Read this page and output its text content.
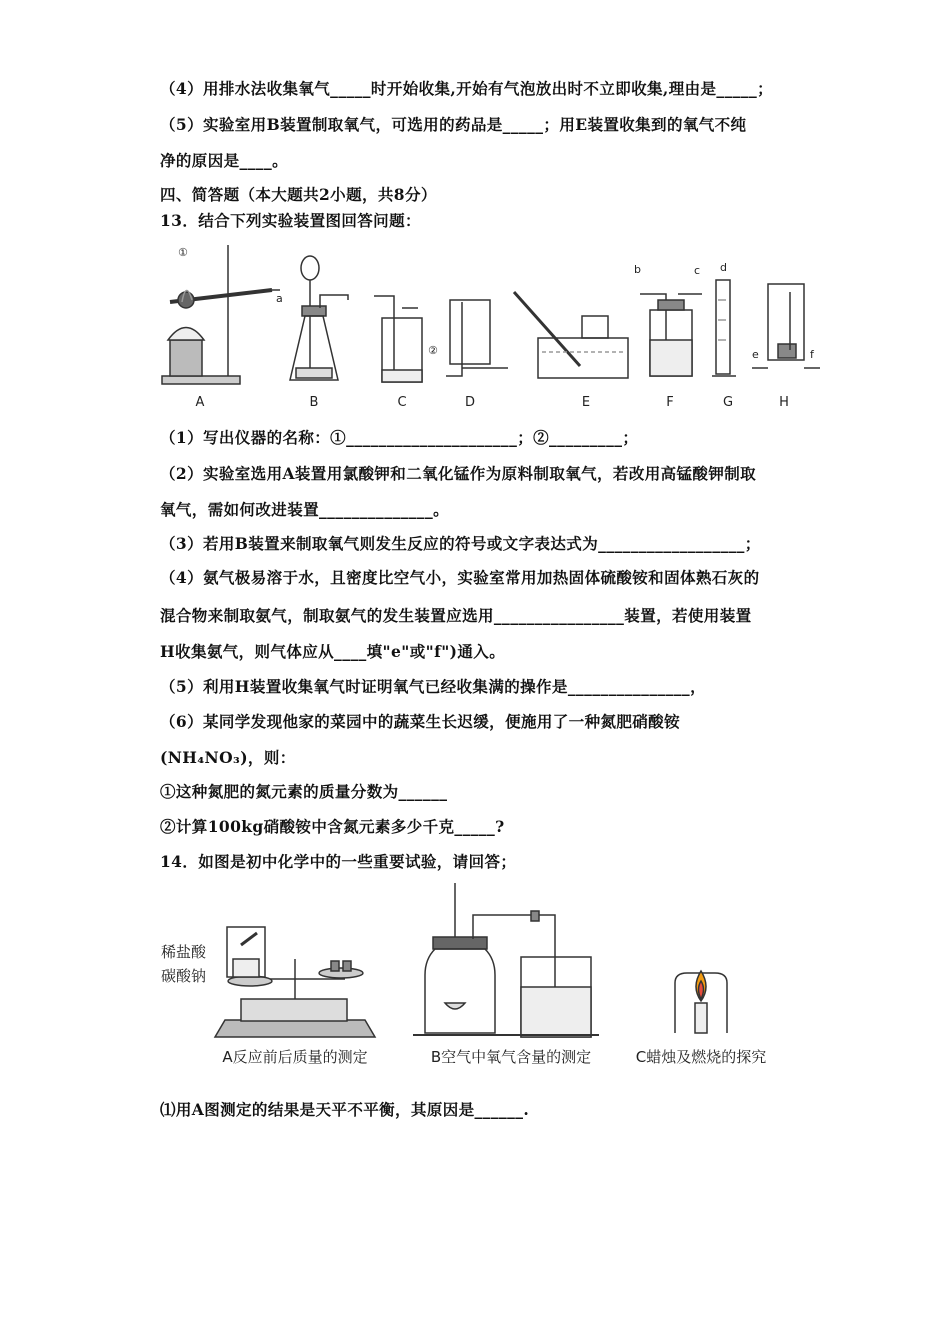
（4）用排水法收集氧气_____时开始收集,开始有气泡放出时不立即收集,理由是_____；
（5）实验室用B装置制取氧气，可选用的药品是_____；用E装置收集到的氧气不纯
净的原因是____。
四、简答题（本大题共2小题，共8分）
13．结合下列实验装置图回答问题：
A	B	C	D	E	F	G	H
①
②
a
b	c d
e	f
（1）写出仪器的名称：①_____________________；②_________；
（2）实验室选用A装置用氯酸钾和二氧化锰作为原料制取氧气，若改用高锰酸钾制取
氧气，需如何改进装置______________。
（3）若用B装置来制取氧气则发生反应的符号或文字表达式为__________________；
（4）氨气极易溶于水，且密度比空气小，实验室常用加热固体硫酸铵和固体熟石灰的
混合物来制取氨气，制取氨气的发生装置应选用________________装置，若使用装置
H收集氨气，则气体应从____填"e"或"f")通入。
（5）利用H装置收集氧气时证明氧气已经收集满的操作是_______________，
（6）某同学发现他家的菜园中的蔬菜生长迟缓，便施用了一种氮肥硝酸铵
(NH₄NO₃)，则：
①这种氮肥的氮元素的质量分数为______
②计算100kg硝酸铵中含氮元素多少千克_____?
14．如图是初中化学中的一些重要试验，请回答；
A反应前后质量的测定	B空气中氧气含量的测定	C蜡烛及燃烧的探究
稀盐酸
碳酸钠
⑴用A图测定的结果是天平不平衡，其原因是______.
